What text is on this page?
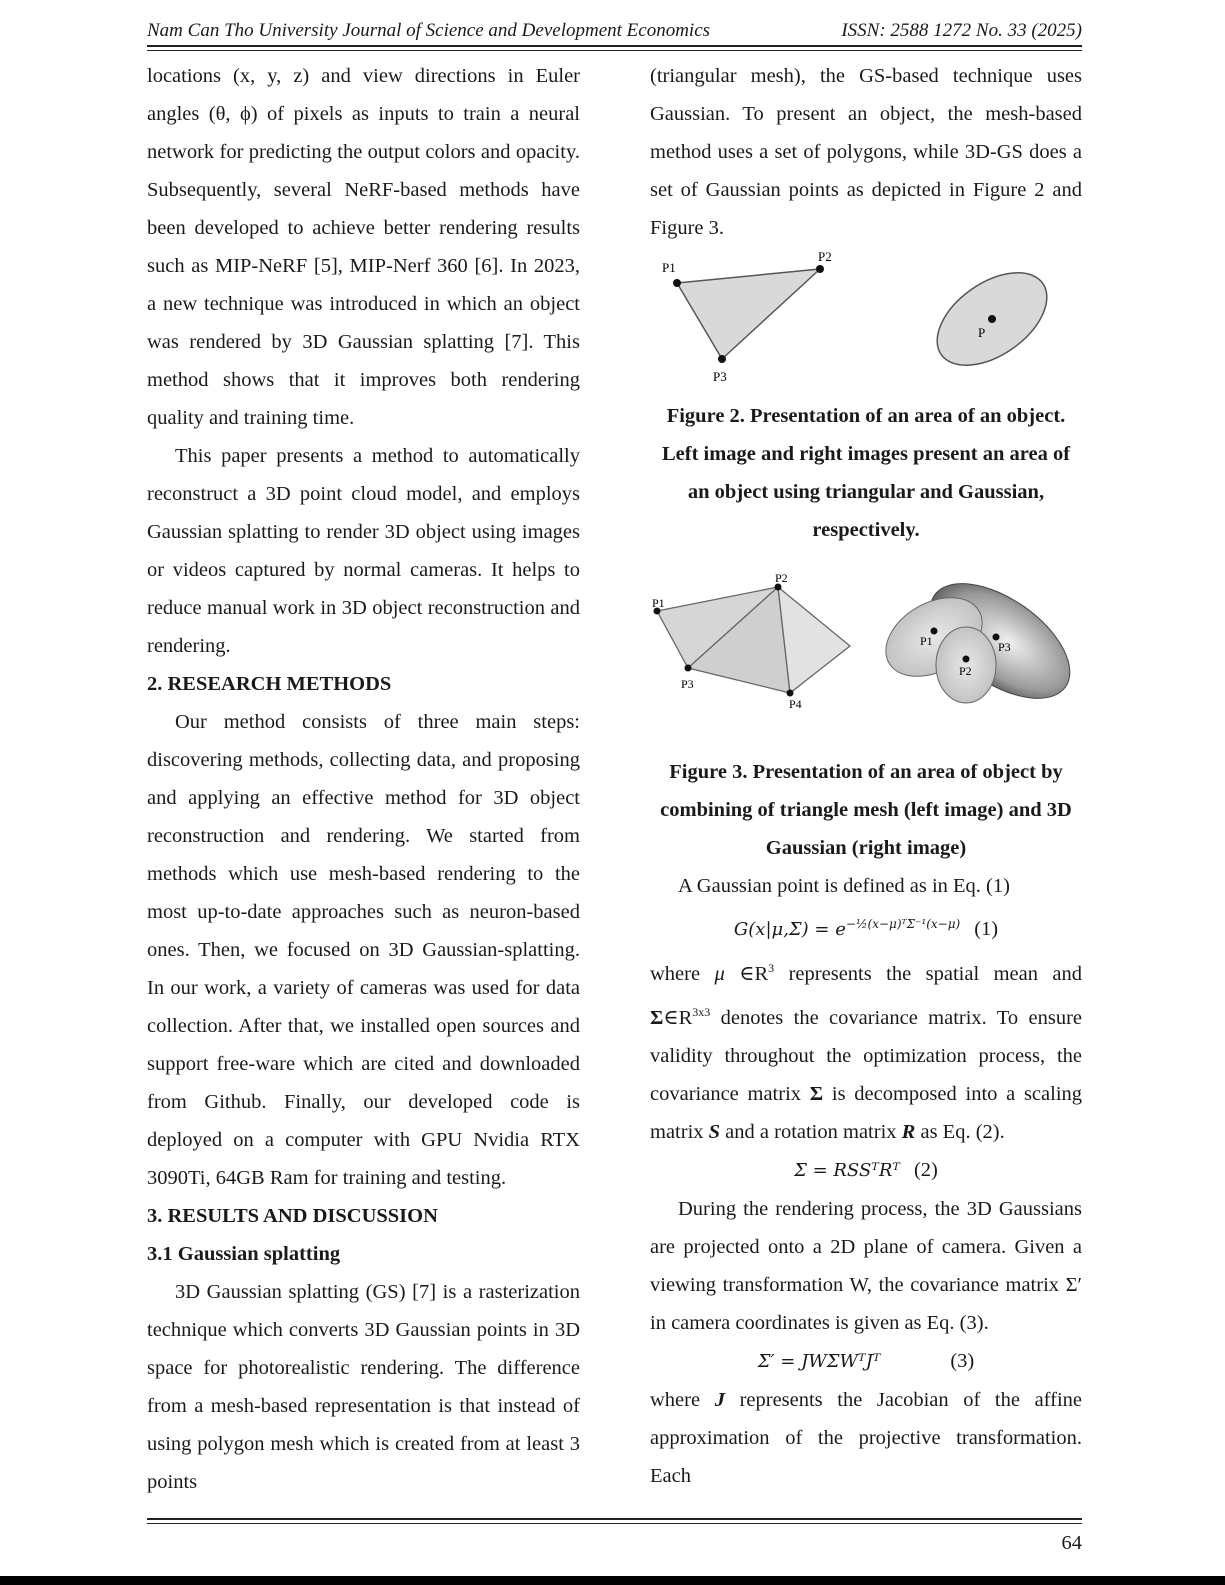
Nam Can Tho University Journal of Science and Development Economics	ISSN: 2588 1272 No. 33 (2025)

locations (x, y, z) and view directions in Euler angles (θ, ϕ) of pixels as inputs to train a neural network for predicting the output colors and opacity. Subsequently, several NeRF-based methods have been developed to achieve better rendering results such as MIP-NeRF [5], MIP-Nerf 360 [6]. In 2023, a new technique was introduced in which an object was rendered by 3D Gaussian splatting [7]. This method shows that it improves both rendering quality and training time.

This paper presents a method to automatically reconstruct a 3D point cloud model, and employs Gaussian splatting to render 3D object using images or videos captured by normal cameras. It helps to reduce manual work in 3D object reconstruction and rendering.

2. RESEARCH METHODS

Our method consists of three main steps: discovering methods, collecting data, and proposing and applying an effective method for 3D object reconstruction and rendering. We started from methods which use mesh-based rendering to the most up-to-date approaches such as neuron-based ones. Then, we focused on 3D Gaussian-splatting. In our work, a variety of cameras was used for data collection. After that, we installed open sources and support free-ware which are cited and downloaded from Github. Finally, our developed code is deployed on a computer with GPU Nvidia RTX 3090Ti, 64GB Ram for training and testing.

3. RESULTS AND DISCUSSION

3.1 Gaussian splatting

3D Gaussian splatting (GS) [7] is a rasterization technique which converts 3D Gaussian points in 3D space for photorealistic rendering. The difference from a mesh-based representation is that instead of using polygon mesh which is created from at least 3 points

(triangular mesh), the GS-based technique uses Gaussian. To present an object, the mesh-based method uses a set of polygons, while 3D-GS does a set of Gaussian points as depicted in Figure 2 and Figure 3.

P1
P2
P3
P

Figure 2. Presentation of an area of an object. Left image and right images present an area of an object using triangular and Gaussian, respectively.

P1
P2
P3
P4
P1
P2
P3

Figure 3. Presentation of an area of object by combining of triangle mesh (left image) and 3D Gaussian (right image)

A Gaussian point is defined as in Eq. (1)

$G(x|\mu,\Sigma) = e^{-\frac{1}{2}(x-\mu)ᵀ\Sigma^{-1}(x-\mu)}$ (1)

where μ $\in R^3$ represents the spatial mean and $\Sigma\in R^{3x3}$ denotes the covariance matrix. To ensure validity throughout the optimization process, the covariance matrix Σ is decomposed into a scaling matrix S and a rotation matrix R as Eq. (2).

Σ = RSSᵀRᵀ (2)

During the rendering process, the 3D Gaussians are projected onto a 2D plane of camera. Given a viewing transformation W, the covariance matrix Σ′ in camera coordinates is given as Eq. (3).

Σ′ = JWΣWᵀJᵀ	(3)

where J represents the Jacobian of the affine approximation of the projective transformation. Each

64
